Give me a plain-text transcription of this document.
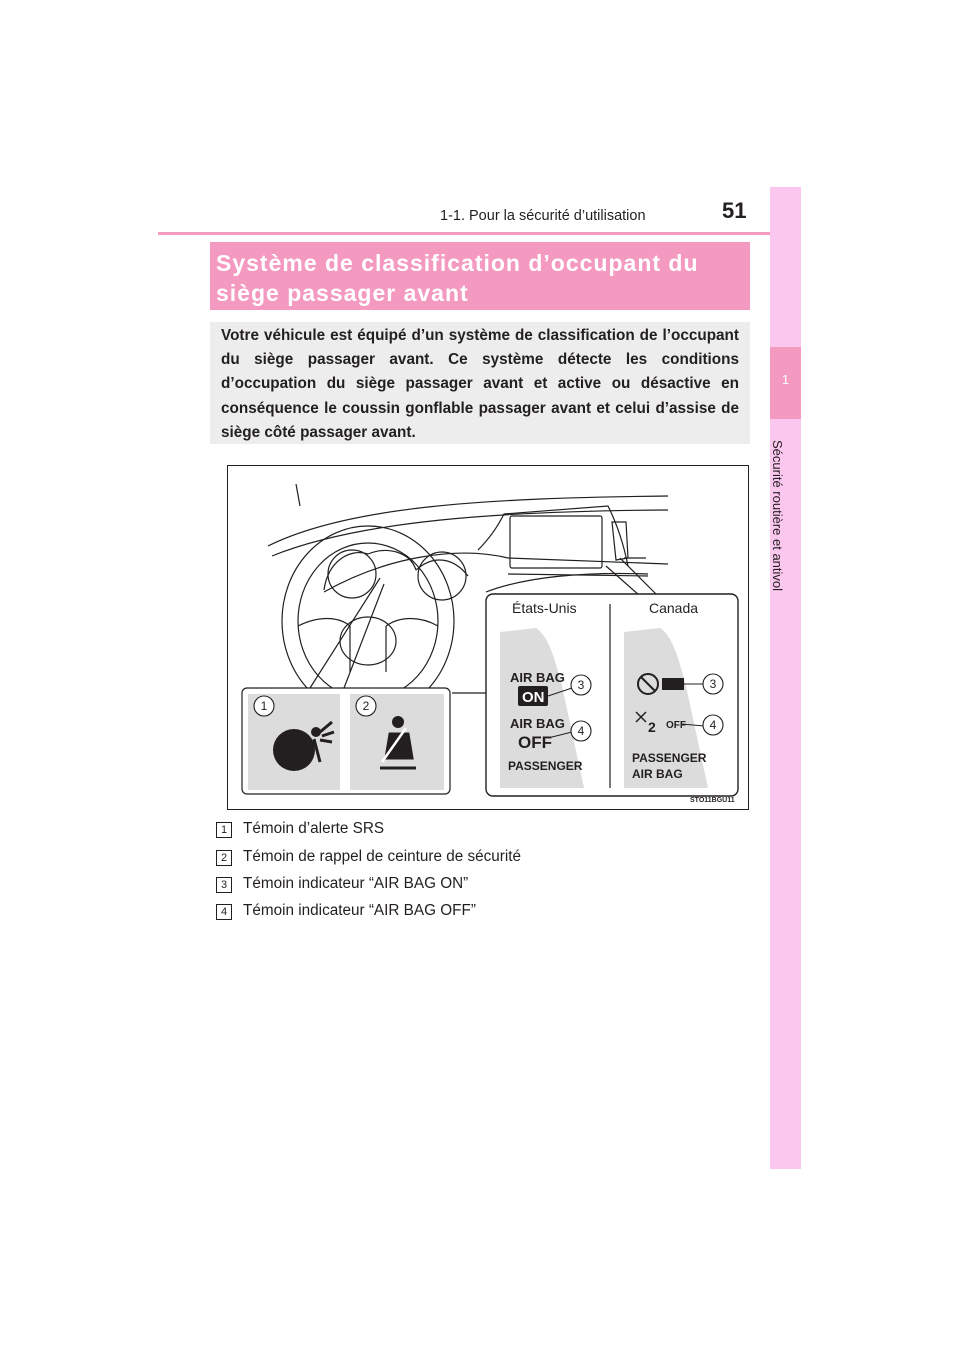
1-1. Pour la sécurité d’utilisation	51
1
Sécurité routière et antivol
Système de classification d’occupant du siège passager avant
Votre véhicule est équipé d’un système de classification de l’occupant du siège passager avant. Ce système détecte les conditions d’occupation du siège passager avant et active ou désactive en conséquence le coussin gonflable passager avant et celui d’assise de siège côté passager avant.
AIR BAG
ON
AIR BAG
OFF
PASSENGER
OFF
2
PASSENGER
AIR BAG
1	2
3
4
3
4
États-Unis	Canada
STO11BGU11
1	Témoin d’alerte SRS
2	Témoin de rappel de ceinture de sécurité
3	Témoin indicateur “AIR BAG ON”
4	Témoin indicateur “AIR BAG OFF”
